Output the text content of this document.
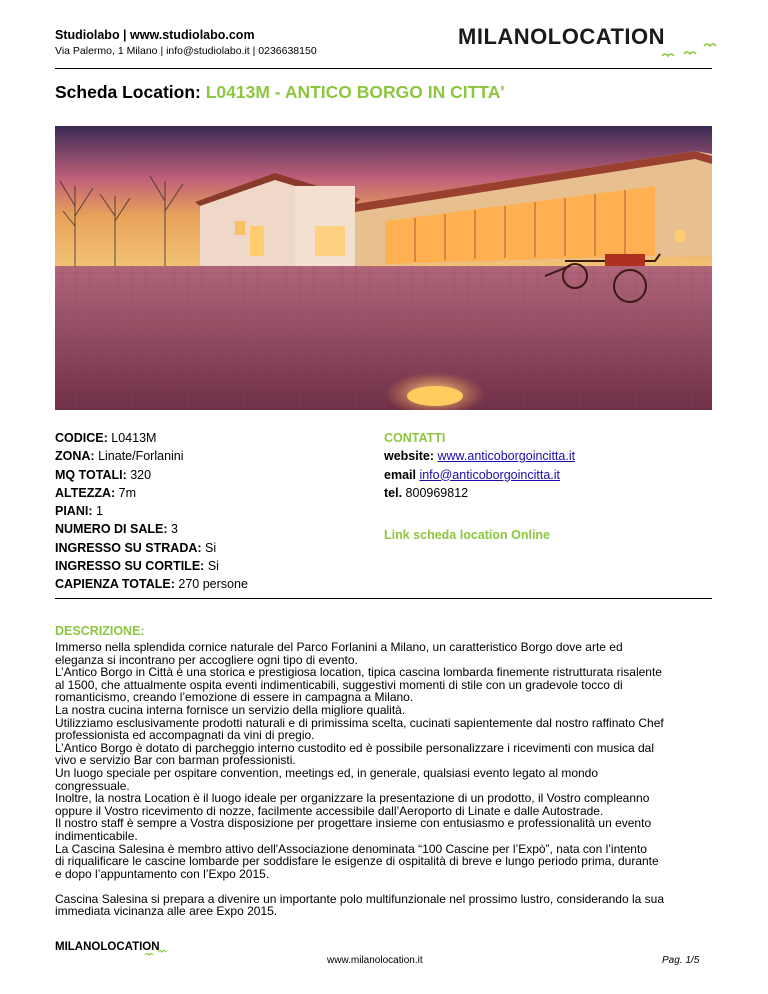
Studiolabo | www.studiolabo.com
Via Palermo, 1 Milano | info@studiolabo.it | 0236638150
MILANOLOCATION
Scheda Location: L0413M - ANTICO BORGO IN CITTA'
CODICE: L0413M
ZONA: Linate/Forlanini
MQ TOTALI: 320
ALTEZZA: 7m
PIANI: 1
NUMERO DI SALE: 3
INGRESSO SU STRADA: Si
INGRESSO SU CORTILE: Si
CAPIENZA TOTALE: 270 persone
CONTATTI
website: www.anticoborgoincitta.it
email info@anticoborgoincitta.it
tel. 800969812
Link scheda location Online
DESCRIZIONE:

Immerso nella splendida cornice naturale del Parco Forlanini a Milano, un caratteristico Borgo dove arte ed

eleganza si incontrano per accogliere ogni tipo di evento.

L’Antico Borgo in Città è una storica e prestigiosa location, tipica cascina lombarda finemente ristrutturata risalente

al 1500, che attualmente ospita eventi indimenticabili, suggestivi momenti di stile con un gradevole tocco di

romanticismo, creando l’emozione di essere in campagna a Milano.

La nostra cucina interna fornisce un servizio della migliore qualità.

Utilizziamo esclusivamente prodotti naturali e di primissima scelta, cucinati sapientemente dal nostro raffinato Chef

professionista ed accompagnati da vini di pregio.

L’Antico Borgo è dotato di parcheggio interno custodito ed è possibile personalizzare i ricevimenti con musica dal

vivo e servizio Bar con barman professionisti.

Un luogo speciale per ospitare convention, meetings ed, in generale, qualsiasi evento legato al mondo

congressuale.

Inoltre, la nostra Location è il luogo ideale per organizzare la presentazione di un prodotto, il Vostro compleanno

oppure il Vostro ricevimento di nozze, facilmente accessibile dall’Aeroporto di Linate e dalle Autostrade.

Il nostro staff è sempre a Vostra disposizione per progettare insieme con entusiasmo e professionalità un evento

indimenticabile.

La Cascina Salesina è membro attivo dell'Associazione denominata “100 Cascine per l’Expò”, nata con l’intento

di riqualificare le cascine lombarde per soddisfare le esigenze di ospitalità di breve e lungo periodo prima, durante

e dopo l’appuntamento con l’Expo 2015.

Cascina Salesina si prepara a divenire un importante polo multifunzionale nel prossimo lustro, considerando la sua

immediata vicinanza alle aree Expo 2015.

MILANOLOCATION
www.milanolocation.it	Pag. 1/5
